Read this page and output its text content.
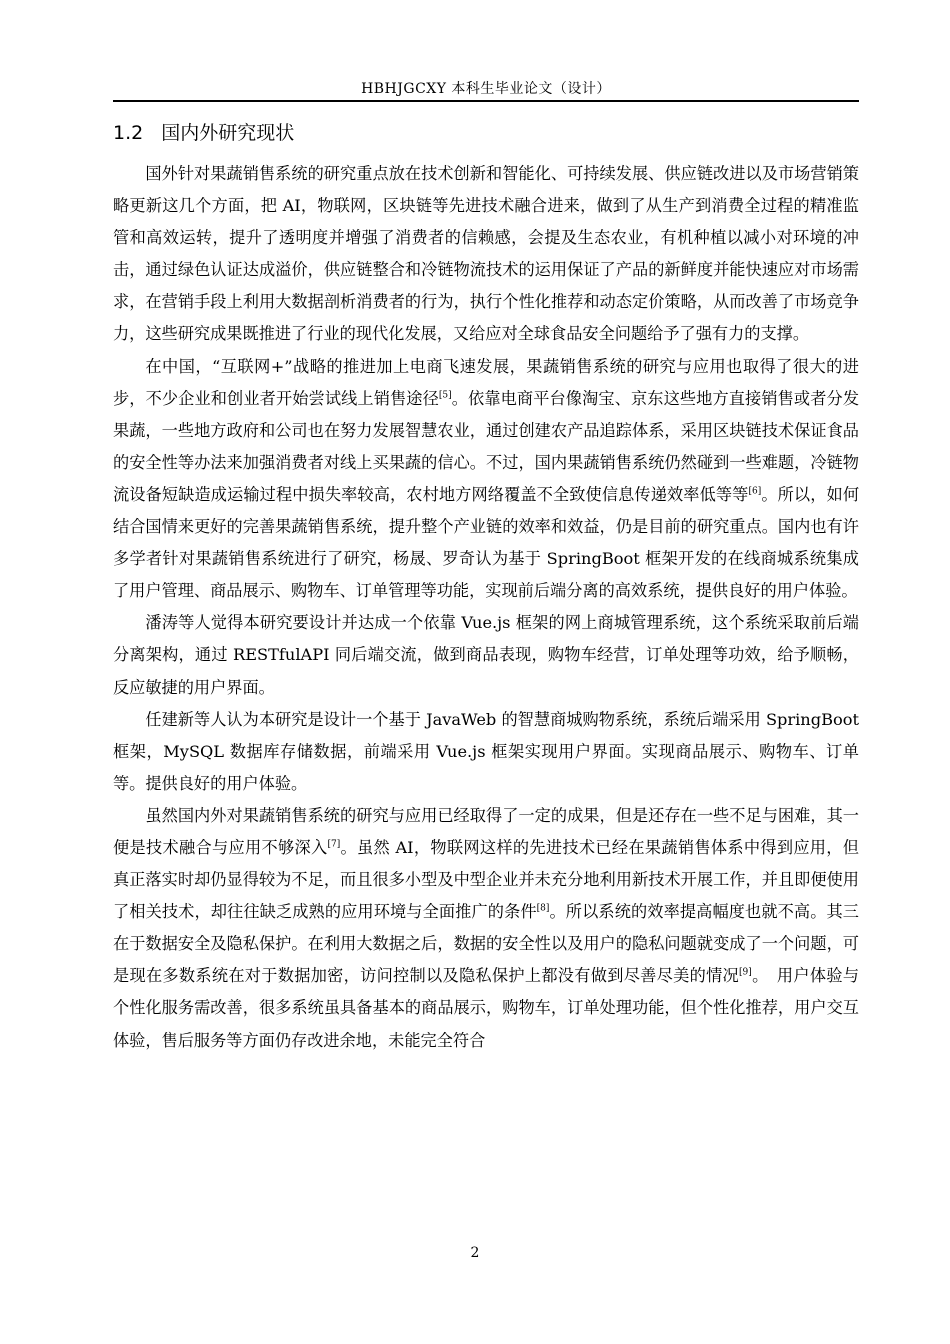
HBHJGCXY 本科生毕业论文（设计）
1.2 国内外研究现状

国外针对果蔬销售系统的研究重点放在技术创新和智能化、可持续发展、供应链改进以及市场营销策略更新这几个方面，把 AI，物联网，区块链等先进技术融合进来，做到了从生产到消费全过程的精准监管和高效运转，提升了透明度并增强了消费者的信赖感，会提及生态农业，有机种植以减小对环境的冲击，通过绿色认证达成溢价，供应链整合和冷链物流技术的运用保证了产品的新鲜度并能快速应对市场需求，在营销手段上利用大数据剖析消费者的行为，执行个性化推荐和动态定价策略，从而改善了市场竞争力，这些研究成果既推进了行业的现代化发展，又给应对全球食品安全问题给予了强有力的支撑。

在中国，“互联网+”战略的推进加上电商飞速发展，果蔬销售系统的研究与应用也取得了很大的进步，不少企业和创业者开始尝试线上销售途径[5]。依靠电商平台像淘宝、京东这些地方直接销售或者分发果蔬，一些地方政府和公司也在努力发展智慧农业，通过创建农产品追踪体系，采用区块链技术保证食品的安全性等办法来加强消费者对线上买果蔬的信心。不过，国内果蔬销售系统仍然碰到一些难题，冷链物流设备短缺造成运输过程中损失率较高，农村地方网络覆盖不全致使信息传递效率低等等[6]。所以，如何结合国情来更好的完善果蔬销售系统，提升整个产业链的效率和效益，仍是目前的研究重点。国内也有许多学者针对果蔬销售系统进行了研究，杨晟、罗奇认为基于 SpringBoot 框架开发的在线商城系统集成了用户管理、商品展示、购物车、订单管理等功能，实现前后端分离的高效系统，提供良好的用户体验。

潘涛等人觉得本研究要设计并达成一个依靠 Vue.js 框架的网上商城管理系统，这个系统采取前后端分离架构，通过 RESTfulAPI 同后端交流，做到商品表现，购物车经营，订单处理等功效，给予顺畅，反应敏捷的用户界面。

任建新等人认为本研究是设计一个基于 JavaWeb 的智慧商城购物系统，系统后端采用 SpringBoot 框架，MySQL 数据库存储数据，前端采用 Vue.js 框架实现用户界面。实现商品展示、购物车、订单等。提供良好的用户体验。

虽然国内外对果蔬销售系统的研究与应用已经取得了一定的成果，但是还存在一些不足与困难，其一便是技术融合与应用不够深入[7]。虽然 AI，物联网这样的先进技术已经在果蔬销售体系中得到应用，但真正落实时却仍显得较为不足，而且很多小型及中型企业并未充分地利用新技术开展工作，并且即便使用了相关技术，却往往缺乏成熟的应用环境与全面推广的条件[8]。所以系统的效率提高幅度也就不高。其三在于数据安全及隐私保护。在利用大数据之后，数据的安全性以及用户的隐私问题就变成了一个问题，可是现在多数系统在对于数据加密，访问控制以及隐私保护上都没有做到尽善尽美的情况[9]。　用户体验与个性化服务需改善，很多系统虽具备基本的商品展示，购物车，订单处理功能，但个性化推荐，用户交互体验，售后服务等方面仍存改进余地，未能完全符合

2
